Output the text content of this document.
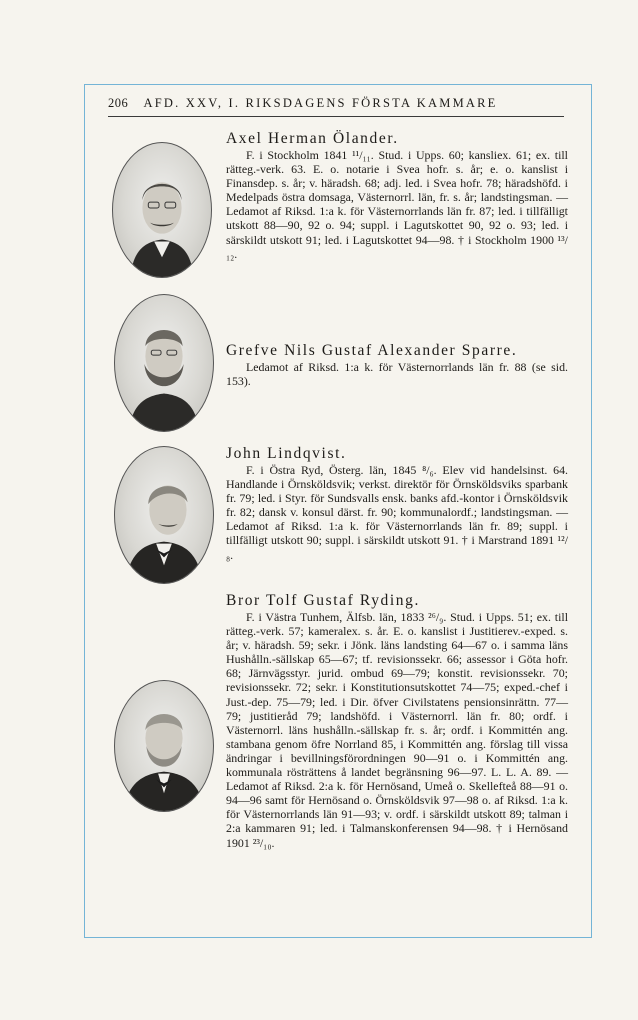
206 AFD. XXV, I. RIKSDAGENS FÖRSTA KAMMARE

Axel Herman Ölander.

F. i Stockholm 1841 ¹¹/₁₁. Stud. i Upps. 60; kansliex. 61; ex. till rätteg.-verk. 63. E. o. notarie i Svea hofr. s. år; e. o. kanslist i Finansdep. s. år; v. häradsh. 68; adj. led. i Svea hofr. 78; häradshöfd. i Medelpads östra domsaga, Västernorrl. län, fr. s. år; landstingsman. — Ledamot af Riksd. 1:a k. för Västernorrlands län fr. 87; led. i tillfälligt utskott 88—90, 92 o. 94; suppl. i Lagutskottet 90, 92 o. 93; led. i särskildt utskott 91; led. i Lagutskottet 94—98. † i Stockholm 1900 ¹³/₁₂.

Grefve Nils Gustaf Alexander Sparre.

Ledamot af Riksd. 1:a k. för Västernorrlands län fr. 88 (se sid. 153).

John Lindqvist.

F. i Östra Ryd, Österg. län, 1845 ⁸/₆. Elev vid handelsinst. 64. Handlande i Örnsköldsvik; verkst. direktör för Örnsköldsviks sparbank fr. 79; led. i Styr. för Sundsvalls ensk. banks afd.-kontor i Örnsköldsvik fr. 82; dansk v. konsul därst. fr. 90; kommunalordf.; landstingsman. — Ledamot af Riksd. 1:a k. för Västernorrlands län fr. 89; suppl. i tillfälligt utskott 90; suppl. i särskildt utskott 91. † i Marstrand 1891 ¹²/₈.

Bror Tolf Gustaf Ryding.

F. i Västra Tunhem, Älfsb. län, 1833 ²⁶/₉. Stud. i Upps. 51; ex. till rätteg.-verk. 57; kameralex. s. år. E. o. kanslist i Justitierev.-exped. s. år; v. häradsh. 59; sekr. i Jönk. läns landsting 64—67 o. i samma läns Hushålln.-sällskap 65—67; tf. revisionssekr. 66; assessor i Göta hofr. 68; Järnvägsstyr. jurid. ombud 69—79; konstit. revisionssekr. 70; revisionssekr. 72; sekr. i Konstitutionsutskottet 74—75; exped.-chef i Just.-dep. 75—79; led. i Dir. öfver Civilstatens pensionsinrättn. 77—79; justitieråd 79; landshöfd. i Västernorrl. län fr. 80; ordf. i Västernorrl. läns hushålln.-sällskap fr. s. år; ordf. i Kommittén ang. stambana genom öfre Norrland 85, i Kommittén ang. förslag till vissa ändringar i bevillningsförordningen 90—91 o. i Kommittén ang. kommunala rösträttens å landet begränsning 96—97. L. L. A. 89. — Ledamot af Riksd. 2:a k. för Hernösand, Umeå o. Skellefteå 88—91 o. 94—96 samt för Hernösand o. Örnsköldsvik 97—98 o. af Riksd. 1:a k. för Västernorrlands län 91—93; v. ordf. i särskildt utskott 89; talman i 2:a kammaren 91; led. i Talmanskonferensen 94—98. † i Hernösand 1901 ²³/₁₀.
